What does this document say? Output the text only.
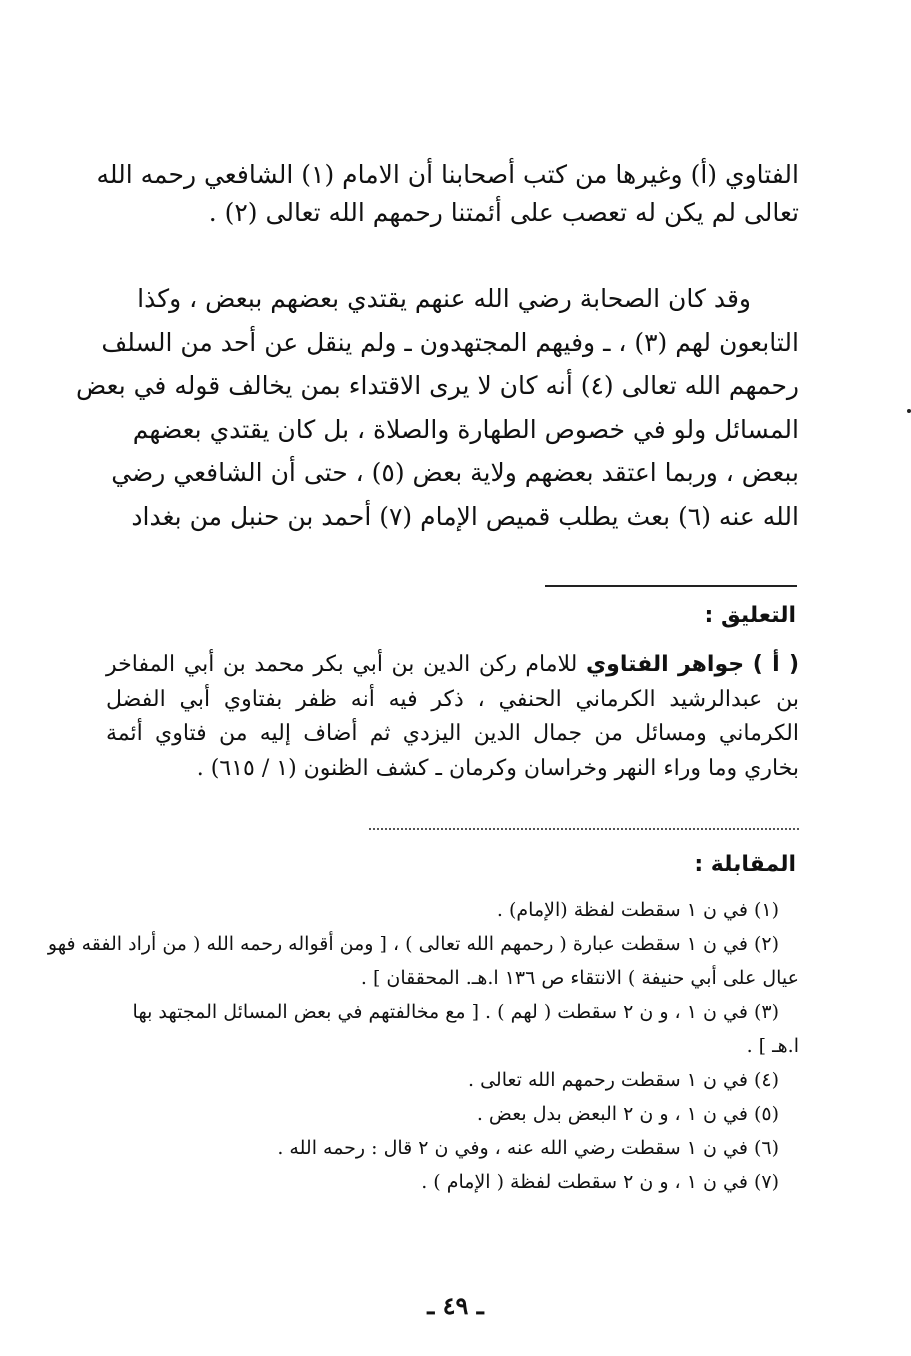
الفتاوي (أ) وغيرها من كتب أصحابنا أن الامام (١) الشافعي رحمه الله
تعالى لم يكن له تعصب على أئمتنا رحمهم الله تعالى (٢) .
وقد كان الصحابة رضي الله عنهم يقتدي بعضهم ببعض ، وكذا
التابعون لهم (٣) ، ـ وفيهم المجتهدون ـ ولم ينقل عن أحد من السلف
رحمهم الله تعالى (٤) أنه كان لا يرى الاقتداء بمن يخالف قوله في بعض
المسائل ولو في خصوص الطهارة والصلاة ، بل كان يقتدي بعضهم
ببعض ، وربما اعتقد بعضهم ولاية بعض (٥) ، حتى أن الشافعي رضي
الله عنه (٦) بعث يطلب قميص الإمام (٧) أحمد بن حنبل من بغداد
التعليق :
( أ ) جواهر الفتاوي للامام ركن الدين بن أبي بكر محمد بن أبي المفاخر بن عبدالرشيد الكرماني الحنفي ، ذكر فيه أنه ظفر بفتاوي أبي الفضل الكرماني ومسائل من جمال الدين اليزدي ثم أضاف إليه من فتاوي أئمة بخاري وما وراء النهر وخراسان وكرمان ـ كشف الظنون (١ / ٦١٥) .
المقابلة :
(١) في ن ١ سقطت لفظة (الإمام) .
(٢) في ن ١ سقطت عبارة ( رحمهم الله تعالى ) ، [ ومن أقواله رحمه الله ( من أراد الفقه فهو
عيال على أبي حنيفة ) الانتقاء ص ١٣٦ ا.هـ. المحققان ] .
(٣) في ن ١ ، و ن ٢ سقطت ( لهم ) . [ مع مخالفتهم في بعض المسائل المجتهد بها
ا.هـ ] .
(٤) في ن ١ سقطت رحمهم الله تعالى .
(٥) في ن ١ ، و ن ٢ البعض بدل بعض .
(٦) في ن ١ سقطت رضي الله عنه ، وفي ن ٢ قال : رحمه الله .
(٧) في ن ١ ، و ن ٢ سقطت لفظة ( الإمام ) .
ـ ٤٩ ـ
